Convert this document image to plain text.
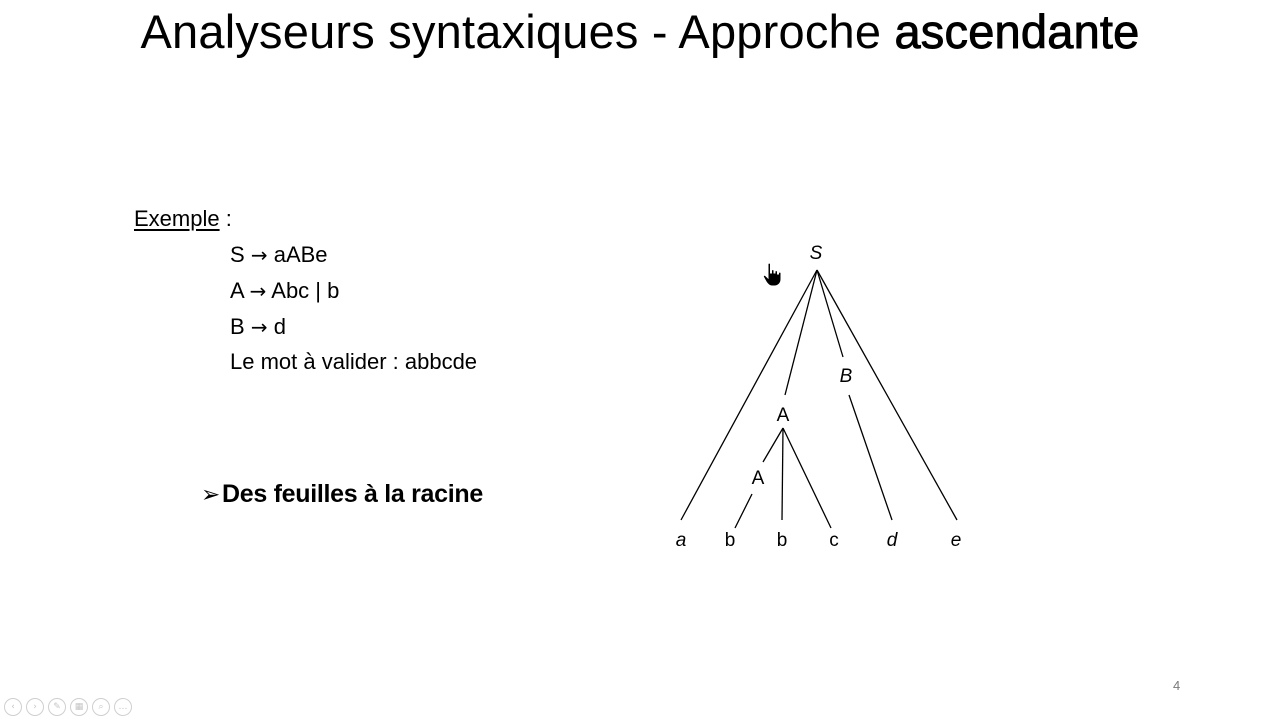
Analyseurs syntaxiques - Approche ascendante
Exemple :
S → aABe
A → Abc | b
B → d
Le mot à valider : abbcde
➢Des feuilles à la racine
S
A
A
B
a b b c	d	e
4
‹	›	✎	▦	⌕	…
